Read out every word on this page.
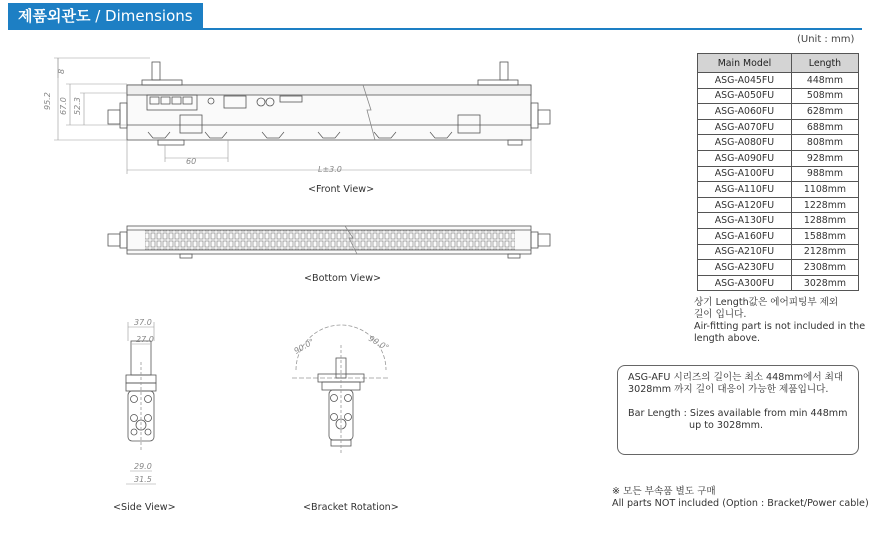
제품외관도 / Dimensions
(Unit : mm)
Main Model	Length
ASG-A045FU	448mm
ASG-A050FU	508mm
ASG-A060FU	628mm
ASG-A070FU	688mm
ASG-A080FU	808mm
ASG-A090FU	928mm
ASG-A100FU	988mm
ASG-A110FU	1108mm
ASG-A120FU	1228mm
ASG-A130FU	1288mm
ASG-A160FU	1588mm
ASG-A210FU	2128mm
ASG-A230FU	2308mm
ASG-A300FU	3028mm
상기 Length값은 에어피팅부 제외
길이 입니다.
Air-fitting part is not included in the
length above.
ASG-AFU 시리즈의 길이는 최소 448mm에서 최대
3028mm 까지 길이 대응이 가능한 제품입니다.
Bar Length : Sizes available from min 448mm
up to 3028mm.
※ 모든 부속품 별도 구매
All parts NOT included (Option : Bracket/Power cable)
<Front View>
<Bottom View>
<Side View>	<Bracket Rotation>
8
95.2 67.0 52.3
60
L±3.0
37.0
27.0
29.0
31.5
90.0°	90.0°
